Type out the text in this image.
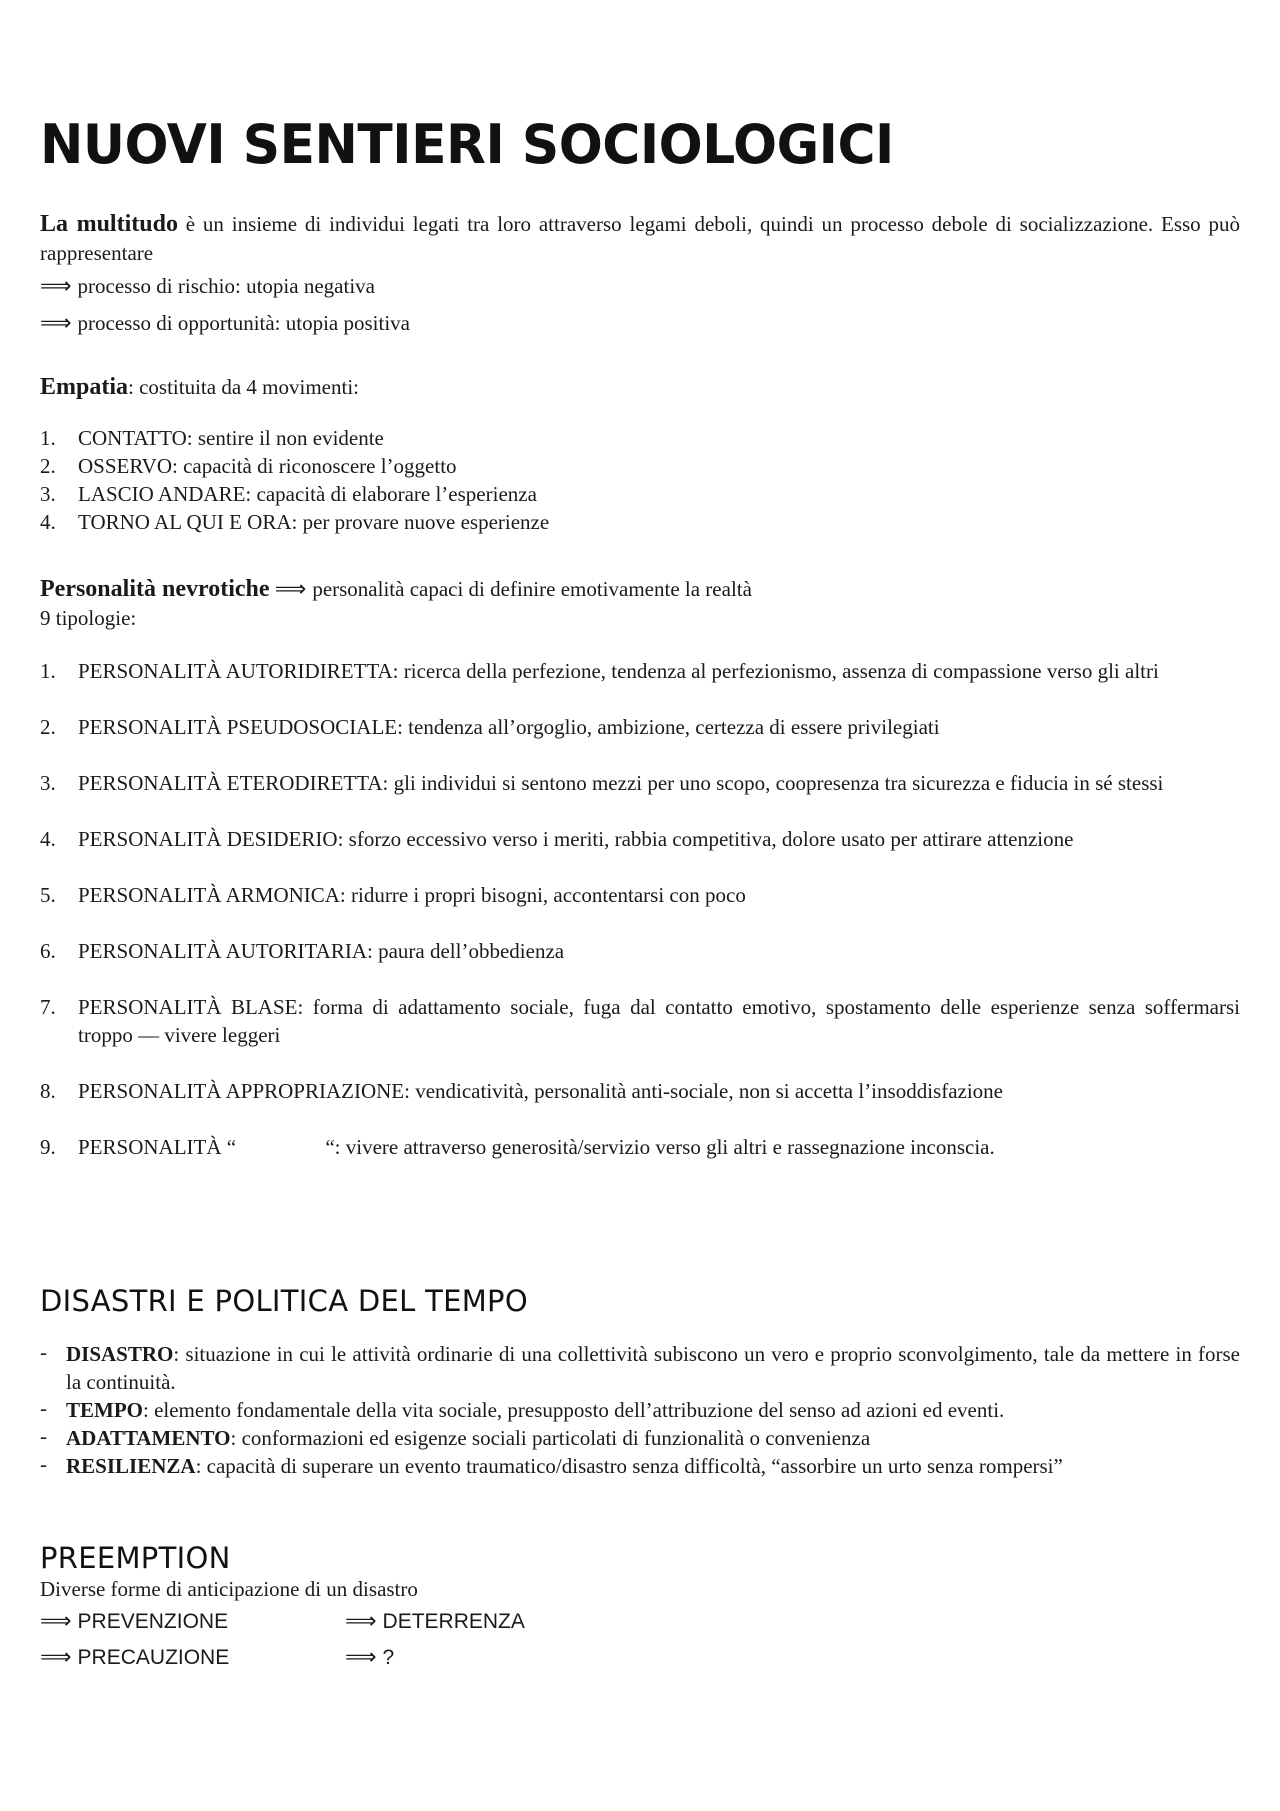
NUOVI SENTIERI SOCIOLOGICI

La multitudo è un insieme di individui legati tra loro attraverso legami deboli, quindi un processo debole di socializzazione. Esso può rappresentare

⟹ processo di rischio: utopia negativa
⟹ processo di opportunità: utopia positiva

Empatia: costituita da 4 movimenti:

1. CONTATTO: sentire il non evidente
2. OSSERVO: capacità di riconoscere l’oggetto
3. LASCIO ANDARE: capacità di elaborare l’esperienza
4. TORNO AL QUI E ORA: per provare nuove esperienze

Personalità nevrotiche ⟹ personalità capaci di definire emotivamente la realtà

9 tipologie:

1. PERSONALITÀ AUTORIDIRETTA: ricerca della perfezione, tendenza al perfezionismo, assenza di compassione verso gli altri
2. PERSONALITÀ PSEUDOSOCIALE: tendenza all’orgoglio, ambizione, certezza di essere privilegiati
3. PERSONALITÀ ETERODIRETTA: gli individui si sentono mezzi per uno scopo, coopresenza tra sicurezza e fiducia in sé stessi
4. PERSONALITÀ DESIDERIO: sforzo eccessivo verso i meriti, rabbia competitiva, dolore usato per attirare attenzione
5. PERSONALITÀ ARMONICA: ridurre i propri bisogni, accontentarsi con poco
6. PERSONALITÀ AUTORITARIA: paura dell’obbedienza
7. PERSONALITÀ BLASE: forma di adattamento sociale, fuga dal contatto emotivo, spostamento delle esperienze senza soffermarsi troppo — vivere leggeri
8. PERSONALITÀ APPROPRIAZIONE: vendicatività, personalità anti-sociale, non si accetta l’insoddisfazione
9. PERSONALITÀ “                 “: vivere attraverso generosità/servizio verso gli altri e rassegnazione inconscia.
DISASTRI E POLITICA DEL TEMPO
- DISASTRO: situazione in cui le attività ordinarie di una collettività subiscono un vero e proprio sconvolgimento, tale da mettere in forse la continuità.
- TEMPO: elemento fondamentale della vita sociale, presupposto dell’attribuzione del senso ad azioni ed eventi.
- ADATTAMENTO: conformazioni ed esigenze sociali particolati di funzionalità o convenienza
- RESILIENZA: capacità di superare un evento traumatico/disastro senza difficoltà, “assorbire un urto senza rompersi”
PREEMPTION

Diverse forme di anticipazione di un disastro

⟹ PREVENZIONE	⟹ DETERRENZA
⟹ PRECAUZIONE	⟹ ?
